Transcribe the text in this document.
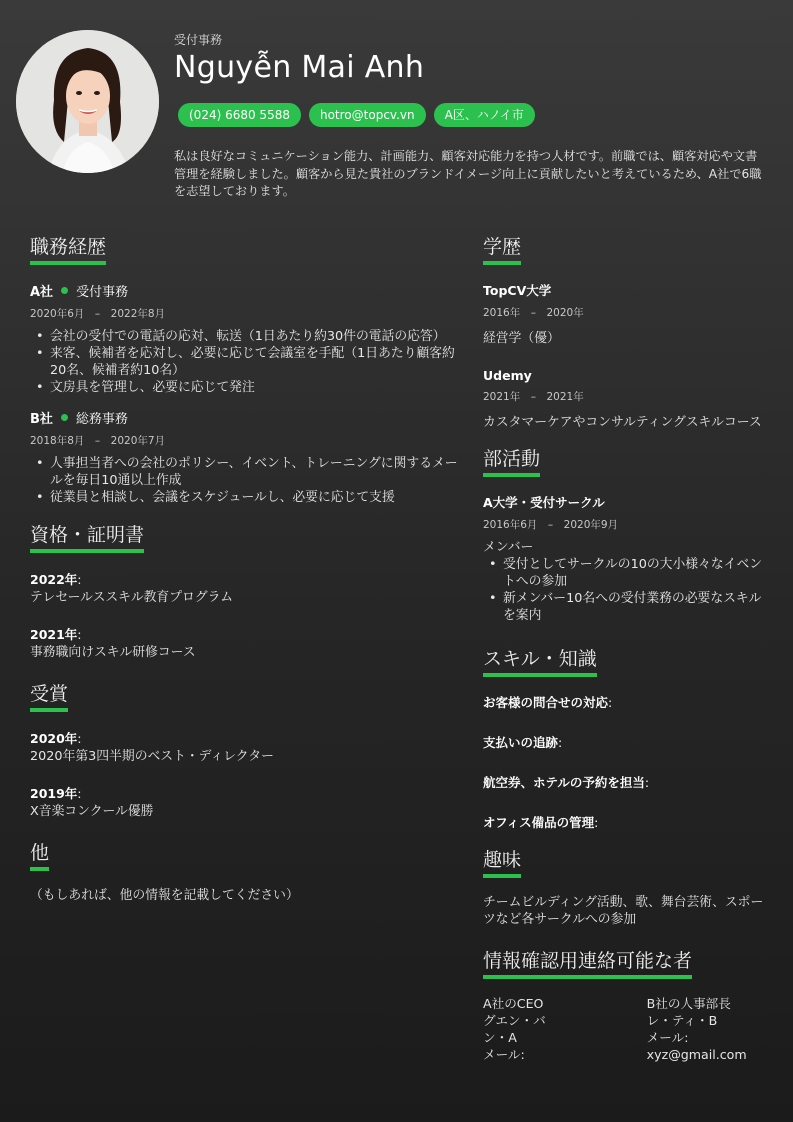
受付事務
Nguyễn Mai Anh
(024) 6680 5588	hotro@topcv.vn	A区、ハノイ市
私は良好なコミュニケーション能力、計画能力、顧客対応能力を持つ人材です。前職では、顧客対応や文書管理を経験しました。顧客から見た貴社のブランドイメージ向上に貢献したいと考えているため、A社で6職を志望しております。
職務経歴
A社 受付事務
2020年6月　–　2022年8月
• 会社の受付での電話の応対、転送（1日あたり約30件の電話の応答）
• 来客、候補者を応対し、必要に応じて会議室を手配（1日あたり顧客約20名、候補者約10名）
• 文房具を管理し、必要に応じて発注
B社 総務事務
2018年8月　–　2020年7月
• 人事担当者への会社のポリシー、イベント、トレーニングに関するメールを毎日10通以上作成
• 従業員と相談し、会議をスケジュールし、必要に応じて支援
資格・証明書
2022年:
テレセールススキル教育プログラム
2021年:
事務職向けスキル研修コース
受賞
2020年:
2020年第3四半期のベスト・ディレクター
2019年:
X音楽コンクール優勝
他
（もしあれば、他の情報を記載してください）
学歴
TopCV大学
2016年　–　2020年
経営学（優）
Udemy
2021年　–　2021年
カスタマーケアやコンサルティングスキルコース
部活動
A大学・受付サークル
2016年6月　–　2020年9月
メンバー
• 受付としてサークルの10の大小様々なイベントへの参加
• 新メンバー10名への受付業務の必要なスキルを案内
スキル・知識
お客様の問合せの対応:
支払いの追跡:
航空券、ホテルの予約を担当:
オフィス備品の管理:
趣味
チームビルディング活動、歌、舞台芸術、スポーツなど各サークルへの参加
情報確認用連絡可能な者
A社のCEO
グエン・バン・A
メール:
B社の人事部長
レ・ティ・B
メール: xyz@gmail.com
